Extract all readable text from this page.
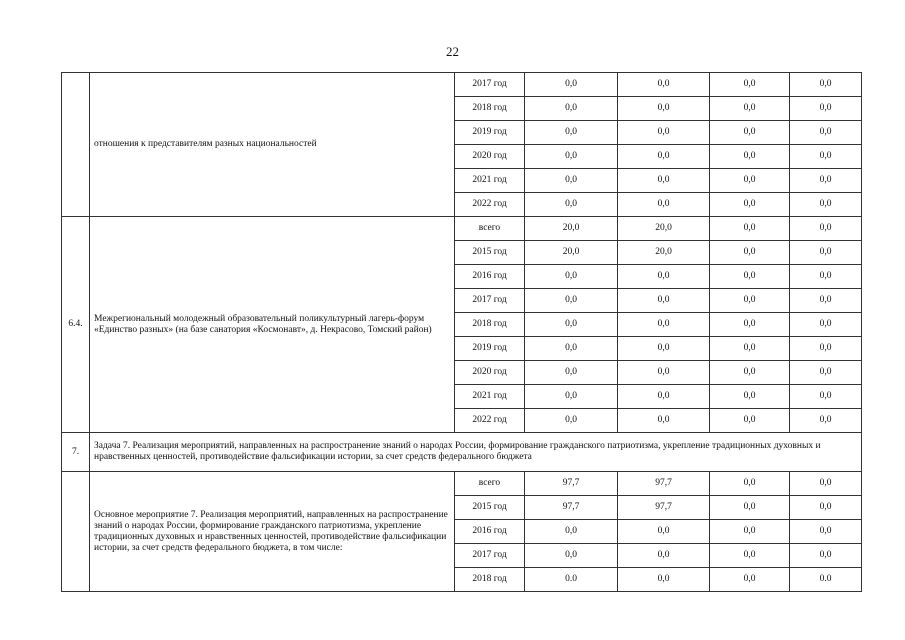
22
	отношения к представителям разных национальностей	2017 год	0,0	0,0	0,0	0,0
		2018 год	0,0	0,0	0,0	0,0
		2019 год	0,0	0,0	0,0	0,0
		2020 год	0,0	0,0	0,0	0,0
		2021 год	0,0	0,0	0,0	0,0
		2022 год	0,0	0,0	0,0	0,0
6.4.	Межрегиональный молодежный образовательный поликультурный лагерь-форум «Единство разных» (на базе санатория «Космонавт», д. Некрасово, Томский район)	всего	20,0	20,0	0,0	0,0
		2015 год	20,0	20,0	0,0	0,0
		2016 год	0,0	0,0	0,0	0,0
		2017 год	0,0	0,0	0,0	0,0
		2018 год	0,0	0,0	0,0	0,0
		2019 год	0,0	0,0	0,0	0,0
		2020 год	0,0	0,0	0,0	0,0
		2021 год	0,0	0,0	0,0	0,0
		2022 год	0,0	0,0	0,0	0,0
7.	Задача 7. Реализация мероприятий, направленных на распространение знаний о народах России, формирование гражданского патриотизма, укрепление традиционных духовных и нравственных ценностей, противодействие фальсификации истории, за счет средств федерального бюджета					
	Основное мероприятие 7. Реализация мероприятий, направленных на распространение знаний о народах России, формирование гражданского патриотизма, укрепление традиционных духовных и нравственных ценностей, противодействие фальсификации истории, за счет средств федерального бюджета, в том числе:	всего	97,7	97,7	0,0	0,0
		2015 год	97,7	97,7	0,0	0,0
		2016 год	0,0	0,0	0,0	0,0
		2017 год	0,0	0,0	0,0	0,0
		2018 год	0.0	0,0	0,0	0.0
